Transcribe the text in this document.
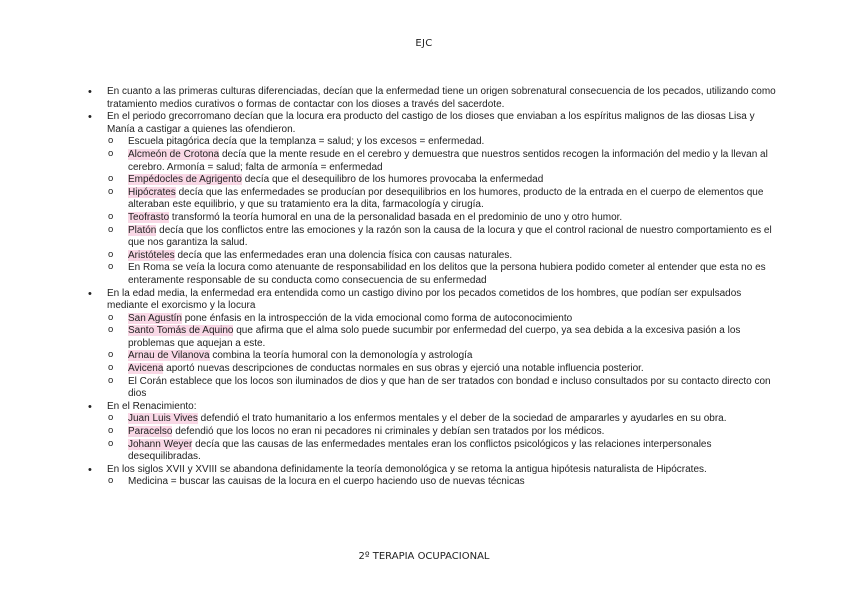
EJC
• En cuanto a las primeras culturas diferenciadas, decían que la enfermedad tiene un origen sobrenatural consecuencia de los pecados, utilizando como tratamiento medios curativos o formas de contactar con los dioses a través del sacerdote.
• En el periodo grecorromano decían que la locura era producto del castigo de los dioses que enviaban a los espíritus malignos de las diosas Lisa y Manía a castigar a quienes las ofendieron.
o Escuela pitagórica decía que la templanza = salud; y los excesos = enfermedad.
o Alcmeón de Crotona decía que la mente resude en el cerebro y demuestra que nuestros sentidos recogen la información del medio y la llevan al cerebro. Armonía = salud; falta de armonía = enfermedad
o Empédocles de Agrigento decía que el desequilibro de los humores provocaba la enfermedad
o Hipócrates decía que las enfermedades se producían por desequilibrios en los humores, producto de la entrada en el cuerpo de elementos que alteraban este equilibrio, y que su tratamiento era la dita, farmacología y cirugía.
o Teofrasto transformó la teoría humoral en una de la personalidad basada en el predominio de uno y otro humor.
o Platón decía que los conflictos entre las emociones y la razón son la causa de la locura y que el control racional de nuestro comportamiento es el que nos garantiza la salud.
o Aristóteles decía que las enfermedades eran una dolencia física con causas naturales.
o En Roma se veía la locura como atenuante de responsabilidad en los delitos que la persona hubiera podido cometer al entender que esta no es enteramente responsable de su conducta como consecuencia de su enfermedad
• En la edad media, la enfermedad era entendida como un castigo divino por los pecados cometidos de los hombres, que podían ser expulsados mediante el exorcismo y la locura
o San Agustín pone énfasis en la introspección de la vida emocional como forma de autoconocimiento
o Santo Tomás de Aquino que afirma que el alma solo puede sucumbir por enfermedad del cuerpo, ya sea debida a la excesiva pasión a los problemas que aquejan a este.
o Arnau de Vilanova combina la teoría humoral con la demonología y astrología
o Avicena aportó nuevas descripciones de conductas normales en sus obras y ejerció una notable influencia posterior.
o El Corán establece que los locos son iluminados de dios y que han de ser tratados con bondad e incluso consultados por su contacto directo con dios
• En el Renacimiento:
o Juan Luis Vives defendió el trato humanitario a los enfermos mentales y el deber de la sociedad de ampararles y ayudarles en su obra.
o Paracelso defendió que los locos no eran ni pecadores ni criminales y debían sen tratados por los médicos.
o Johann Weyer decía que las causas de las enfermedades mentales eran los conflictos psicológicos y las relaciones interpersonales desequilibradas.
• En los siglos XVII y XVIII se abandona definidamente la teoría demonológica y se retoma la antigua hipótesis naturalista de Hipócrates.
o Medicina = buscar las cauisas de la locura en el cuerpo haciendo uso de nuevas técnicas
2º TERAPIA OCUPACIONAL
